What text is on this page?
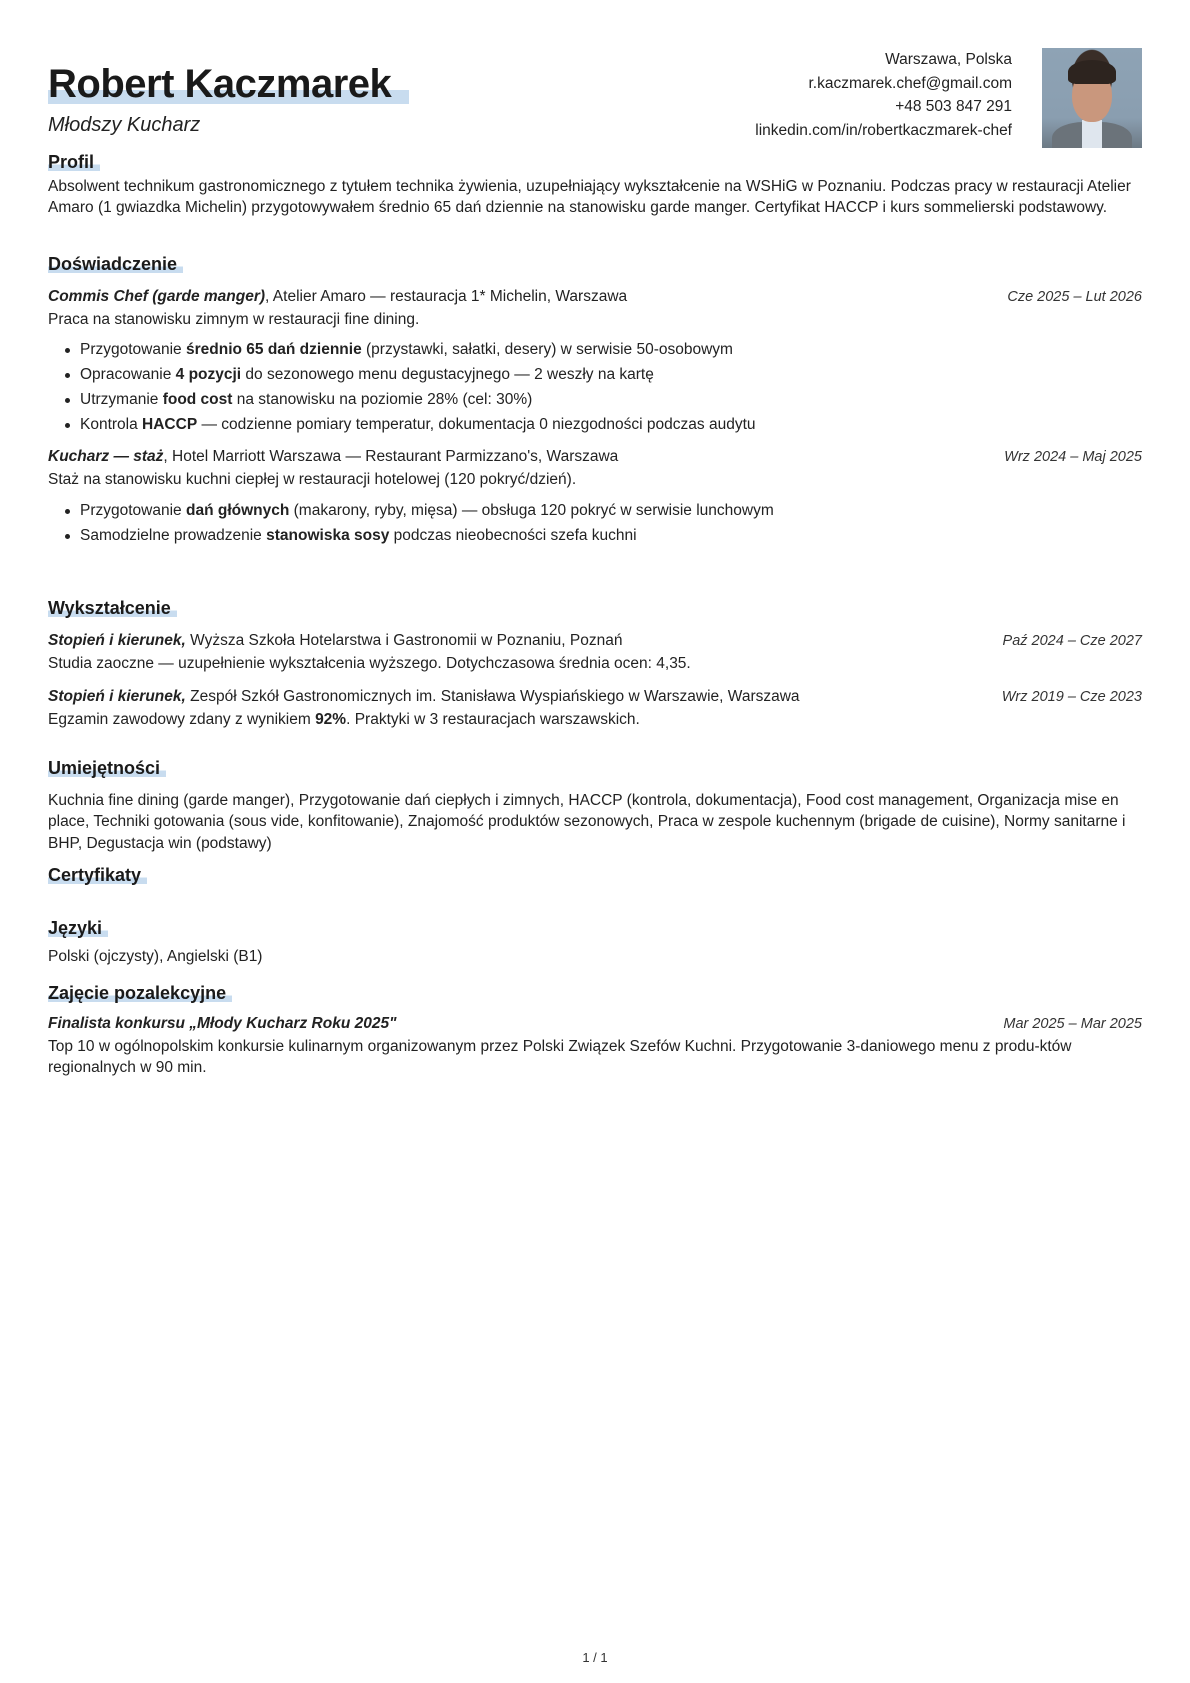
Robert Kaczmarek
Młodszy Kucharz
Warszawa, Polska
r.kaczmarek.chef@gmail.com
+48 503 847 291
linkedin.com/in/robertkaczmarek-chef
Profil
Absolwent technikum gastronomicznego z tytułem technika żywienia, uzupełniający wykształcenie na WSHiG w Poznaniu. Podczas pracy w restauracji Atelier Amaro (1 gwiazdka Michelin) przygotowywałem średnio 65 dań dziennie na stanowisku garde manger. Certyfikat HACCP i kurs sommelierski podstawowy.
Doświadczenie
Commis Chef (garde manger), Atelier Amaro — restauracja 1* Michelin, Warszawa	Cze 2025 – Lut 2026
Praca na stanowisku zimnym w restauracji fine dining.
Przygotowanie średnio 65 dań dziennie (przystawki, sałatki, desery) w serwisie 50-osobowym
Opracowanie 4 pozycji do sezonowego menu degustacyjnego — 2 weszły na kartę
Utrzymanie food cost na stanowisku na poziomie 28% (cel: 30%)
Kontrola HACCP — codzienne pomiary temperatur, dokumentacja 0 niezgodności podczas audytu
Kucharz — staż, Hotel Marriott Warszawa — Restaurant Parmizzano's, Warszawa	Wrz 2024 – Maj 2025
Staż na stanowisku kuchni ciepłej w restauracji hotelowej (120 pokryć/dzień).
Przygotowanie dań głównych (makarony, ryby, mięsa) — obsługa 120 pokryć w serwisie lunchowym
Samodzielne prowadzenie stanowiska sosy podczas nieobecności szefa kuchni
Wykształcenie
Stopień i kierunek, Wyższa Szkoła Hotelarstwa i Gastronomii w Poznaniu, Poznań	Paź 2024 – Cze 2027
Studia zaoczne — uzupełnienie wykształcenia wyższego. Dotychczasowa średnia ocen: 4,35.
Stopień i kierunek, Zespół Szkół Gastronomicznych im. Stanisława Wyspiańskiego w Warszawie, Warszawa	Wrz 2019 – Cze 2023
Egzamin zawodowy zdany z wynikiem 92%. Praktyki w 3 restauracjach warszawskich.
Umiejętności
Kuchnia fine dining (garde manger), Przygotowanie dań ciepłych i zimnych, HACCP (kontrola, dokumentacja), Food cost management, Organizacja mise en place, Techniki gotowania (sous vide, konfitowanie), Znajomość produktów sezonowych, Praca w zespole kuchennym (brigade de cuisine), Normy sanitarne i BHP, Degustacja win (podstawy)
Certyfikaty
Języki
Polski (ojczysty), Angielski (B1)
Zajęcie pozalekcyjne
Finalista konkursu „Młody Kucharz Roku 2025"	Mar 2025 – Mar 2025
Top 10 w ogólnopolskim konkursie kulinarnym organizowanym przez Polski Związek Szefów Kuchni. Przygotowanie 3-daniowego menu z produ-któw regionalnych w 90 min.
1 / 1
